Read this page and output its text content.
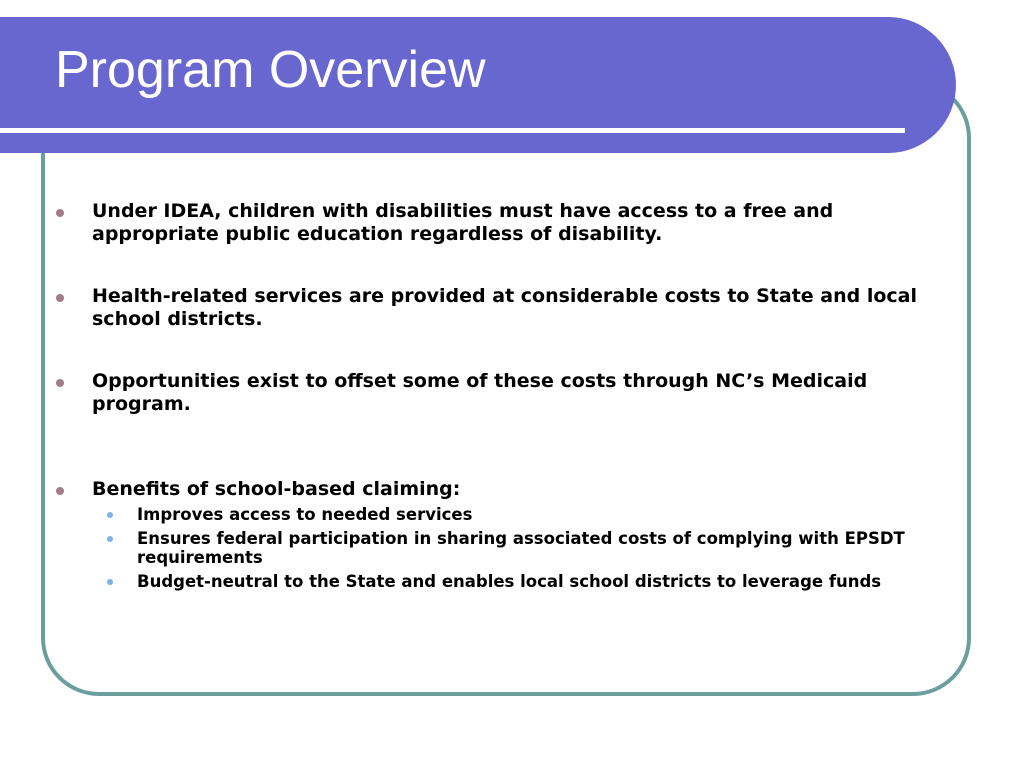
Program Overview
Under IDEA, children with disabilities must have access to a free and appropriate public education regardless of disability.
Health-related services are provided at considerable costs to State and local school districts.
Opportunities exist to offset some of these costs through NC’s Medicaid program.
Benefits of school-based claiming:
Improves access to needed services
Ensures federal participation in sharing associated costs of complying with EPSDT requirements
Budget-neutral to the State and enables local school districts to leverage funds
